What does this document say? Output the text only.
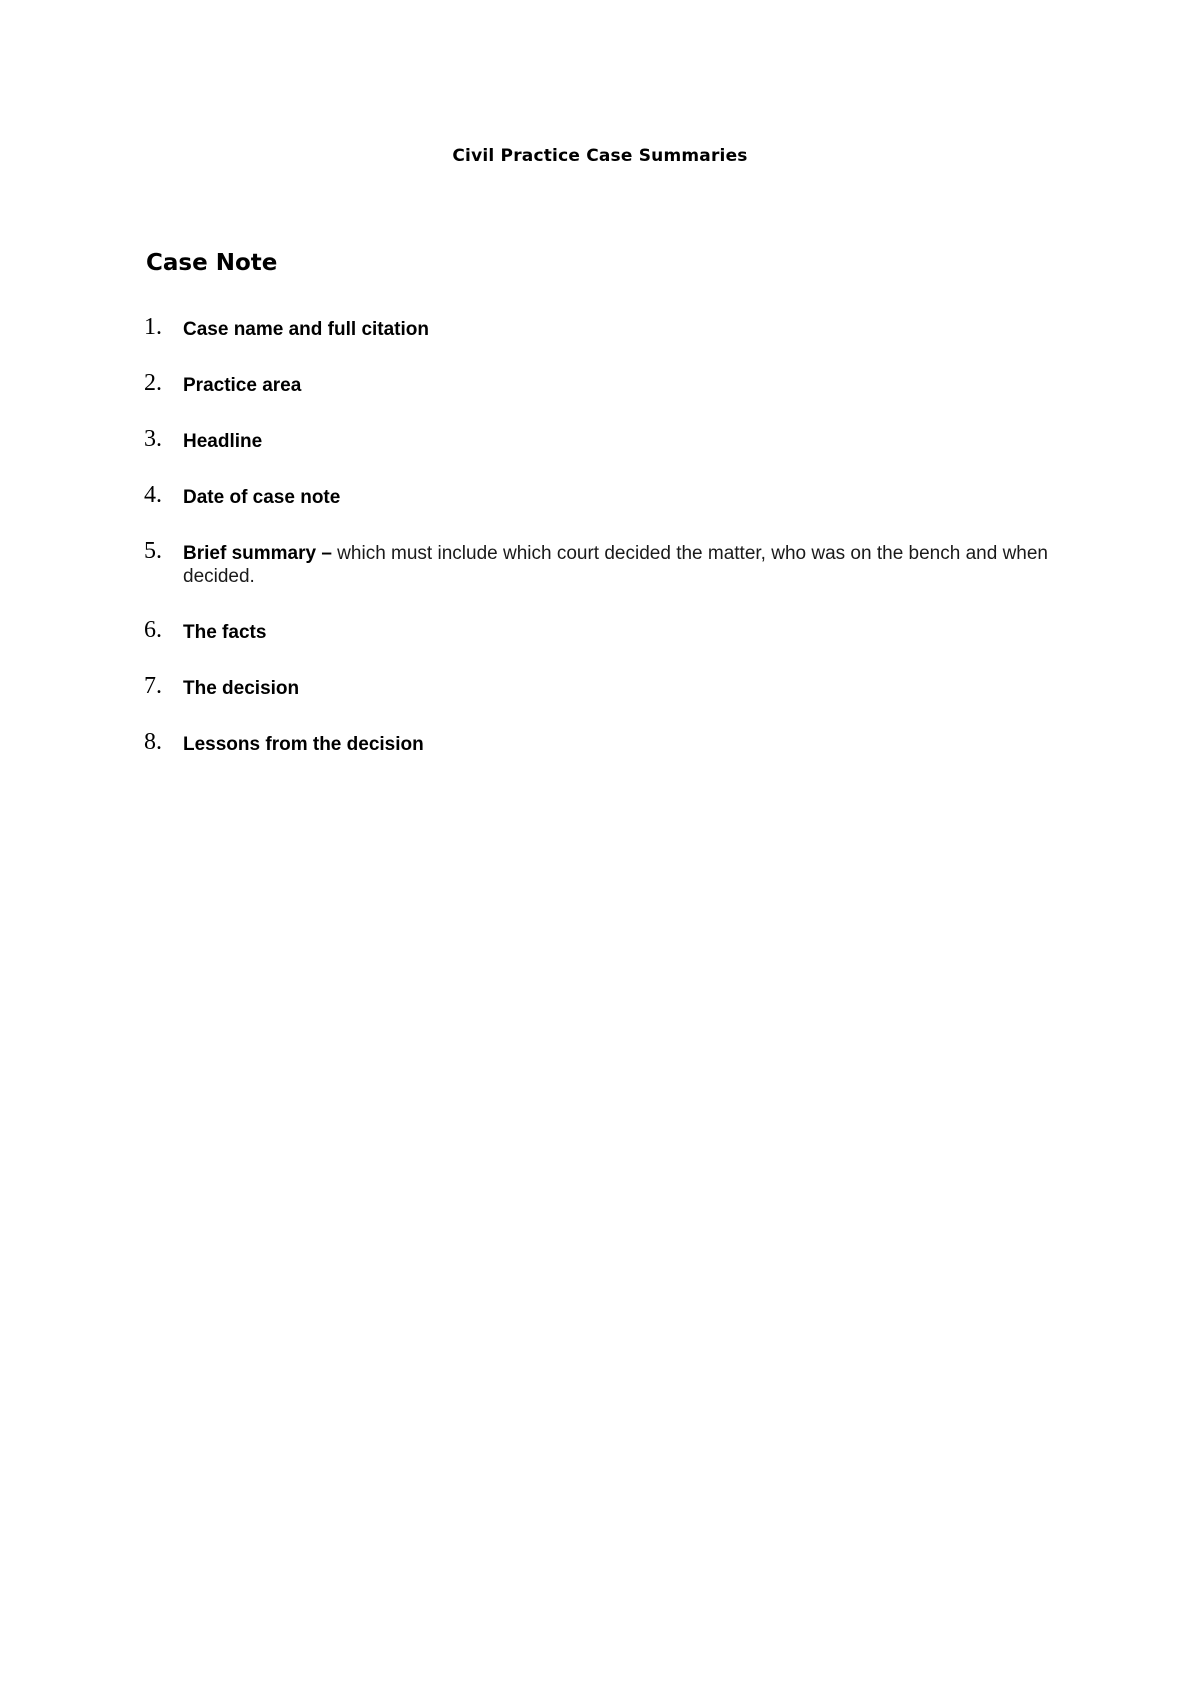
Civil Practice Case Summaries
Case Note
1. Case name and full citation
2. Practice area
3. Headline
4. Date of case note
5. Brief summary – which must include which court decided the matter, who was on the bench and when decided.
6. The facts
7. The decision
8. Lessons from the decision
